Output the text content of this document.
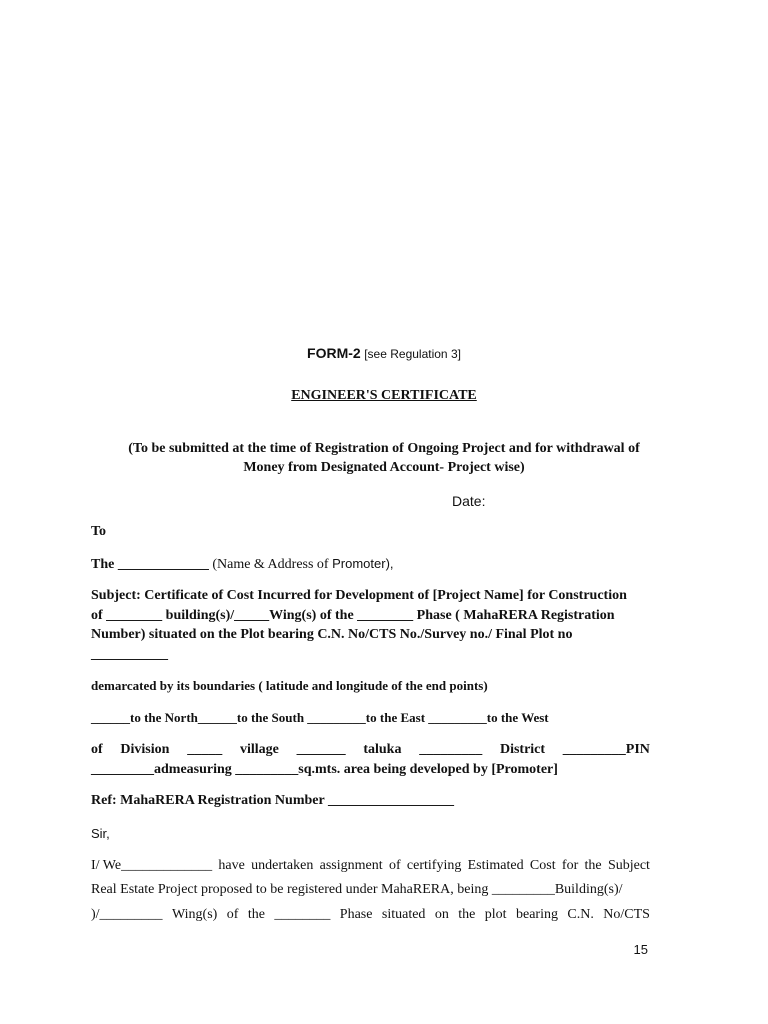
FORM-2 [see Regulation 3]
ENGINEER'S CERTIFICATE
(To be submitted at the time of Registration of Ongoing Project and for withdrawal of
Money from Designated Account- Project wise)
Date:
To
The _____________ (Name & Address of Promoter),
Subject: Certificate of Cost Incurred for Development of [Project Name] for Construction
of ________ building(s)/_____Wing(s) of the ________ Phase ( MahaRERA Registration
Number) situated on the Plot bearing C.N. No/CTS No./Survey no./ Final Plot no
___________
demarcated by its boundaries ( latitude and longitude of the end points)
______to the North______to the South _________to the East _________to the West
of Division _____ village _______ taluka _________ District _________PIN
_________admeasuring _________sq.mts. area being developed by [Promoter]
Ref: MahaRERA Registration Number __________________
Sir,
I/ We_____________ have undertaken assignment of certifying Estimated Cost for the Subject
Real Estate Project proposed to be registered under MahaRERA, being _________Building(s)/
)/_________ Wing(s) of the ________ Phase situated on the plot bearing C.N. No/CTS
15
